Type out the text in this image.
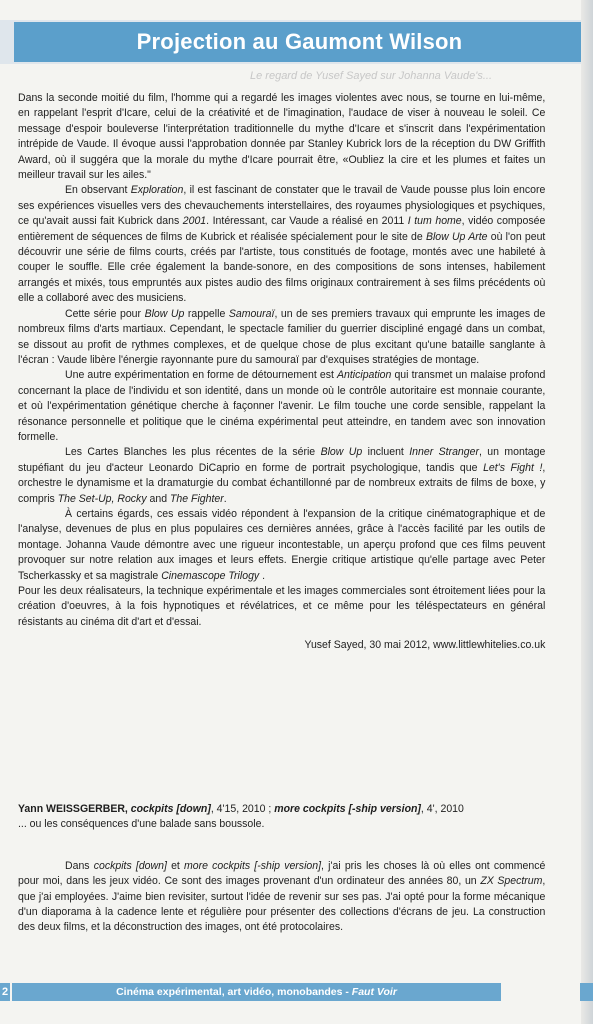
Projection au Gaumont Wilson
Le regard de Yusef Sayed sur Johanna Vaude's...

Dans la seconde moitié du film, l'homme qui a regardé les images violentes avec nous, se tourne en lui-même, en rappelant l'esprit d'Icare, celui de la créativité et de l'imagination, l'audace de viser à nouveau le soleil. Ce message d'espoir bouleverse l'interprétation traditionnelle du mythe d'Icare et s'inscrit dans l'expérimentation intrépide de Vaude. Il évoque aussi l'approbation donnée par Stanley Kubrick lors de la réception du DW Griffith Award, où il suggéra que la morale du mythe d'Icare pourrait être, «Oubliez la cire et les plumes et faites un meilleur travail sur les ailes."

En observant Exploration, il est fascinant de constater que le travail de Vaude pousse plus loin encore ses expériences visuelles vers des chevauchements interstellaires, des royaumes physiologiques et psychiques, ce qu'avait aussi fait Kubrick dans 2001. Intéressant, car Vaude a réalisé en 2011 I tum home, vidéo composée entièrement de séquences de films de Kubrick et réalisée spécialement pour le site de Blow Up Arte où l'on peut découvrir une série de films courts, créés par l'artiste, tous constitués de footage, montés avec une habileté à couper le souffle. Elle crée également la bande-sonore, en des compositions de sons intenses, habilement arrangés et mixés, tous empruntés aux pistes audio des films originaux contrairement à ses films précédents où elle a collaboré avec des musiciens.

Cette série pour Blow Up rappelle Samouraï, un de ses premiers travaux qui emprunte les images de nombreux films d'arts martiaux. Cependant, le spectacle familier du guerrier discipliné engagé dans un combat, se dissout au profit de rythmes complexes, et de quelque chose de plus excitant qu'une bataille sanglante à l'écran : Vaude libère l'énergie rayonnante pure du samouraï par d'exquises stratégies de montage.

Une autre expérimentation en forme de détournement est Anticipation qui transmet un malaise profond concernant la place de l'individu et son identité, dans un monde où le contrôle autoritaire est monnaie courante, et où l'expérimentation génétique cherche à façonner l'avenir. Le film touche une corde sensible, rappelant la résonance personnelle et politique que le cinéma expérimental peut atteindre, en tandem avec son innovation formelle.

Les Cartes Blanches les plus récentes de la série Blow Up incluent Inner Stranger, un montage stupéfiant du jeu d'acteur Leonardo DiCaprio en forme de portrait psychologique, tandis que Let's Fight !, orchestre le dynamisme et la dramaturgie du combat échantillonné par de nombreux extraits de films de boxe, y compris The Set-Up, Rocky and The Fighter.

À certains égards, ces essais vidéo répondent à l'expansion de la critique cinématographique et de l'analyse, devenues de plus en plus populaires ces dernières années, grâce à l'accès facilité par les outils de montage. Johanna Vaude démontre avec une rigueur incontestable, un aperçu profond que ces films peuvent provoquer sur notre relation aux images et leurs effets. Energie critique artistique qu'elle partage avec Peter Tscherkassky et sa magistrale Cinemascope Trilogy .

Pour les deux réalisateurs, la technique expérimentale et les images commerciales sont étroitement liées pour la création d'oeuvres, à la fois hypnotiques et révélatrices, et ce même pour les téléspectateurs en général résistants au cinéma dit d'art et d'essai.

Yusef Sayed, 30 mai 2012, www.littlewhitelies.co.uk

Yann WEISSGERBER, cockpits [down], 4'15, 2010 ; more cockpits [-ship version], 4', 2010

... ou les conséquences d'une balade sans boussole.

Dans cockpits [down] et more cockpits [-ship version], j'ai pris les choses là où elles ont commencé pour moi, dans les jeux vidéo. Ce sont des images provenant d'un ordinateur des années 80, un ZX Spectrum, que j'ai employées. J'aime bien revisiter, surtout l'idée de revenir sur ses pas. J'ai opté pour la forme mécanique d'un diaporama à la cadence lente et régulière pour présenter des collections d'écrans de jeu. La construction des deux films, et la déconstruction des images, ont été protocolaires.

2	Cinéma expérimental, art vidéo, monobandes - Faut Voir
